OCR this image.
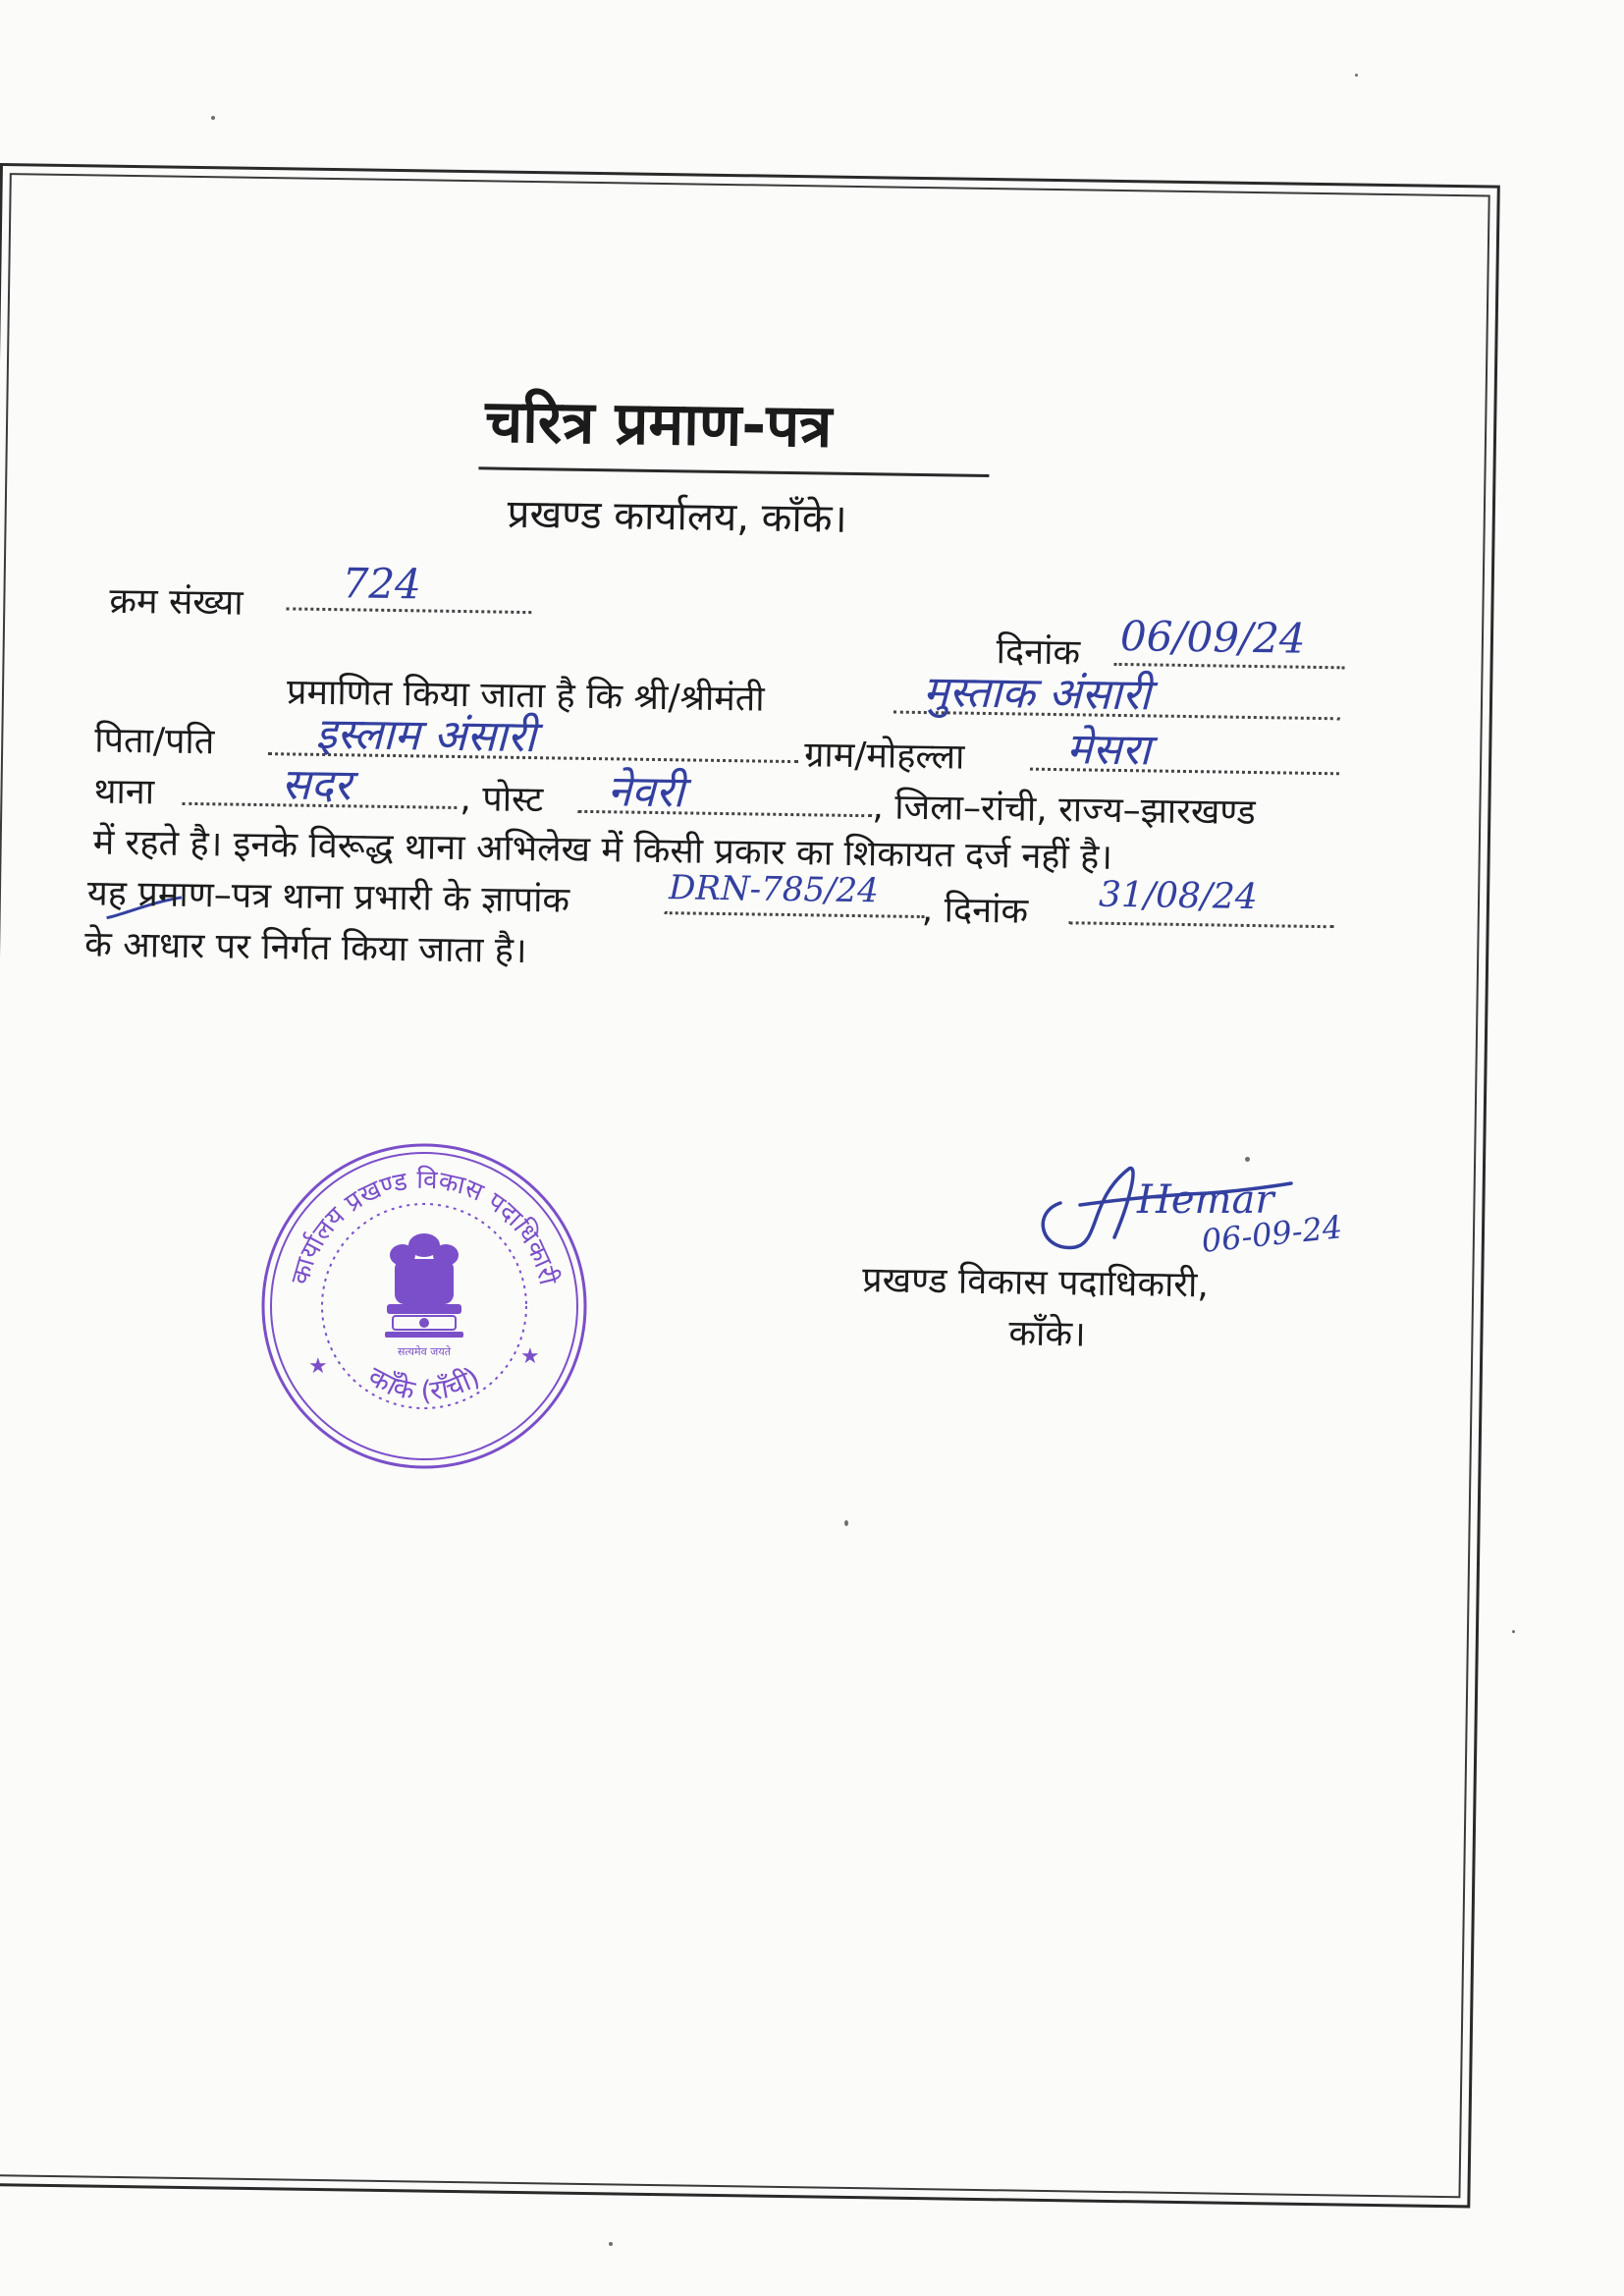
चरित्र प्रमाण-पत्र
प्रखण्ड कार्यालय, काँके।
क्रम संख्या 724
दिनांक 06/09/24
प्रमाणित किया जाता है कि श्री/श्रीमंती	मुस्ताक अंसारी
पिता/पति इस्लाम अंसारी	ग्राम/मोहल्ला मेसरा
थाना	सदर	, पोस्ट नेवरी	, जिला–रांची, राज्य–झारखण्ड
में रहते है। इनके विरूद्ध थाना अभिलेख में किसी प्रकार का शिकायत दर्ज नहीं है।
यह प्रमाण–पत्र थाना प्रभारी के ज्ञापांक	DRN-785/24 , दिनांक 31/08/24
के आधार पर निर्गत किया जाता है।
प्रखण्ड विकास पदाधिकारी,
काँके।
कार्यालय प्रखण्ड विकास पदाधिकारी
काँके (राँची)
★	★
सत्यमेव जयते
Hemar
06-09-24
